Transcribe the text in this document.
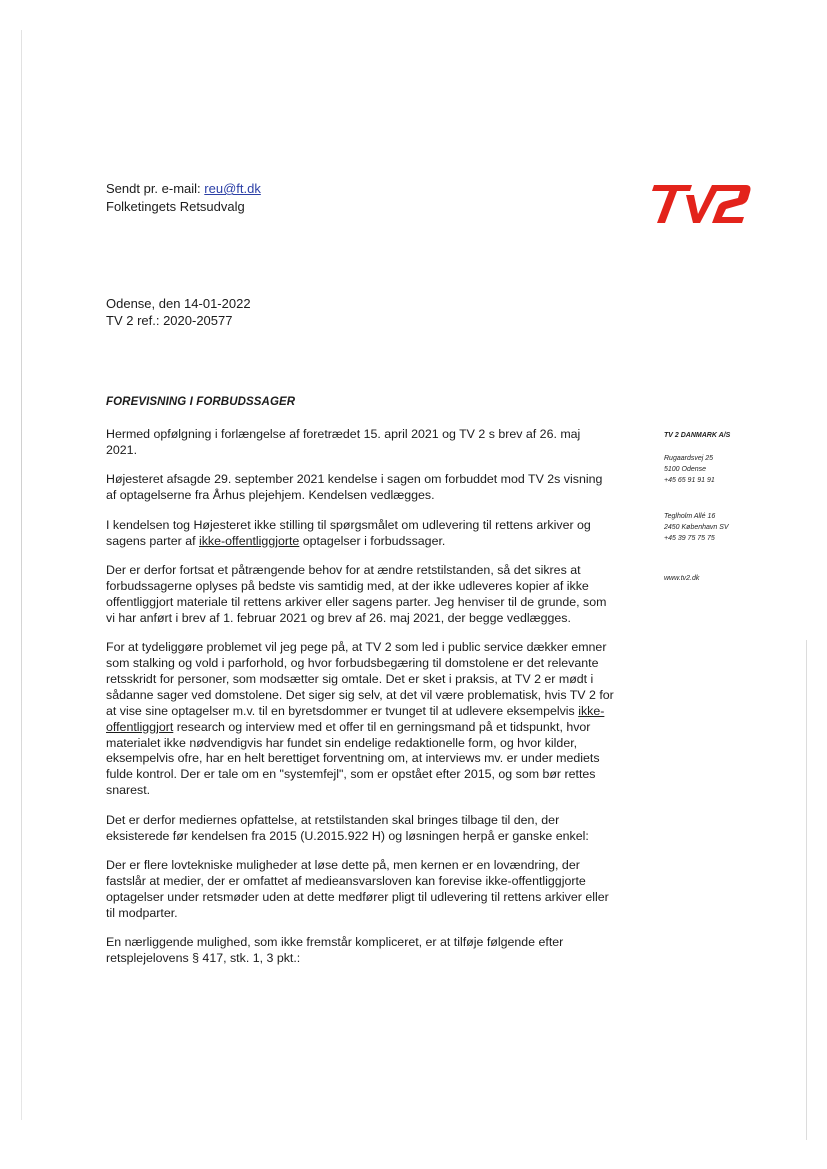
Sendt pr. e-mail: reu@ft.dk
Folketingets Retsudvalg
Odense, den 14-01-2022
TV 2 ref.: 2020-20577
FOREVISNING I FORBUDSSAGER

Hermed opfølgning i forlængelse af foretrædet 15. april 2021 og TV 2 s brev af 26. maj 2021.

Højesteret afsagde 29. september 2021 kendelse i sagen om forbuddet mod TV 2s visning af optagelserne fra Århus plejehjem. Kendelsen vedlægges.

I kendelsen tog Højesteret ikke stilling til spørgsmålet om udlevering til rettens arkiver og sagens parter af ikke-offentliggjorte optagelser i forbudssager.

Der er derfor fortsat et påtrængende behov for at ændre retstilstanden, så det sikres at forbudssagerne oplyses på bedste vis samtidig med, at der ikke udleveres kopier af ikke offentliggjort materiale til rettens arkiver eller sagens parter. Jeg henviser til de grunde, som vi har anført i brev af 1. februar 2021 og brev af 26. maj 2021, der begge vedlægges.

For at tydeliggøre problemet vil jeg pege på, at TV 2 som led i public service dækker emner som stalking og vold i parforhold, og hvor forbudsbegæring til domstolene er det relevante retsskridt for personer, som modsætter sig omtale. Det er sket i praksis, at TV 2 er mødt i sådanne sager ved domstolene. Det siger sig selv, at det vil være problematisk, hvis TV 2 for at vise sine optagelser m.v. til en byretsdommer er tvunget til at udlevere eksempelvis ikke-offentliggjort research og interview med et offer til en gerningsmand på et tidspunkt, hvor materialet ikke nødvendigvis har fundet sin endelige redaktionelle form, og hvor kilder, eksempelvis ofre, har en helt berettiget forventning om, at interviews mv. er under mediets fulde kontrol. Der er tale om en "systemfejl", som er opstået efter 2015, og som bør rettes snarest.

Det er derfor mediernes opfattelse, at retstilstanden skal bringes tilbage til den, der eksisterede før kendelsen fra 2015 (U.2015.922 H) og løsningen herpå er ganske enkel:

Der er flere lovtekniske muligheder at løse dette på, men kernen er en lovændring, der fastslår at medier, der er omfattet af medieansvarsloven kan forevise ikke-offentliggjorte optagelser under retsmøder uden at dette medfører pligt til udlevering til rettens arkiver eller til modparter.

En nærliggende mulighed, som ikke fremstår kompliceret, er at tilføje følgende efter retsplejelovens § 417, stk. 1, 3 pkt.:

TV 2 DANMARK A/S
Rugaardsvej 25
5100 Odense
+45 65 91 91 91
Teglholm Allé 16
2450 København SV
+45 39 75 75 75
www.tv2.dk
